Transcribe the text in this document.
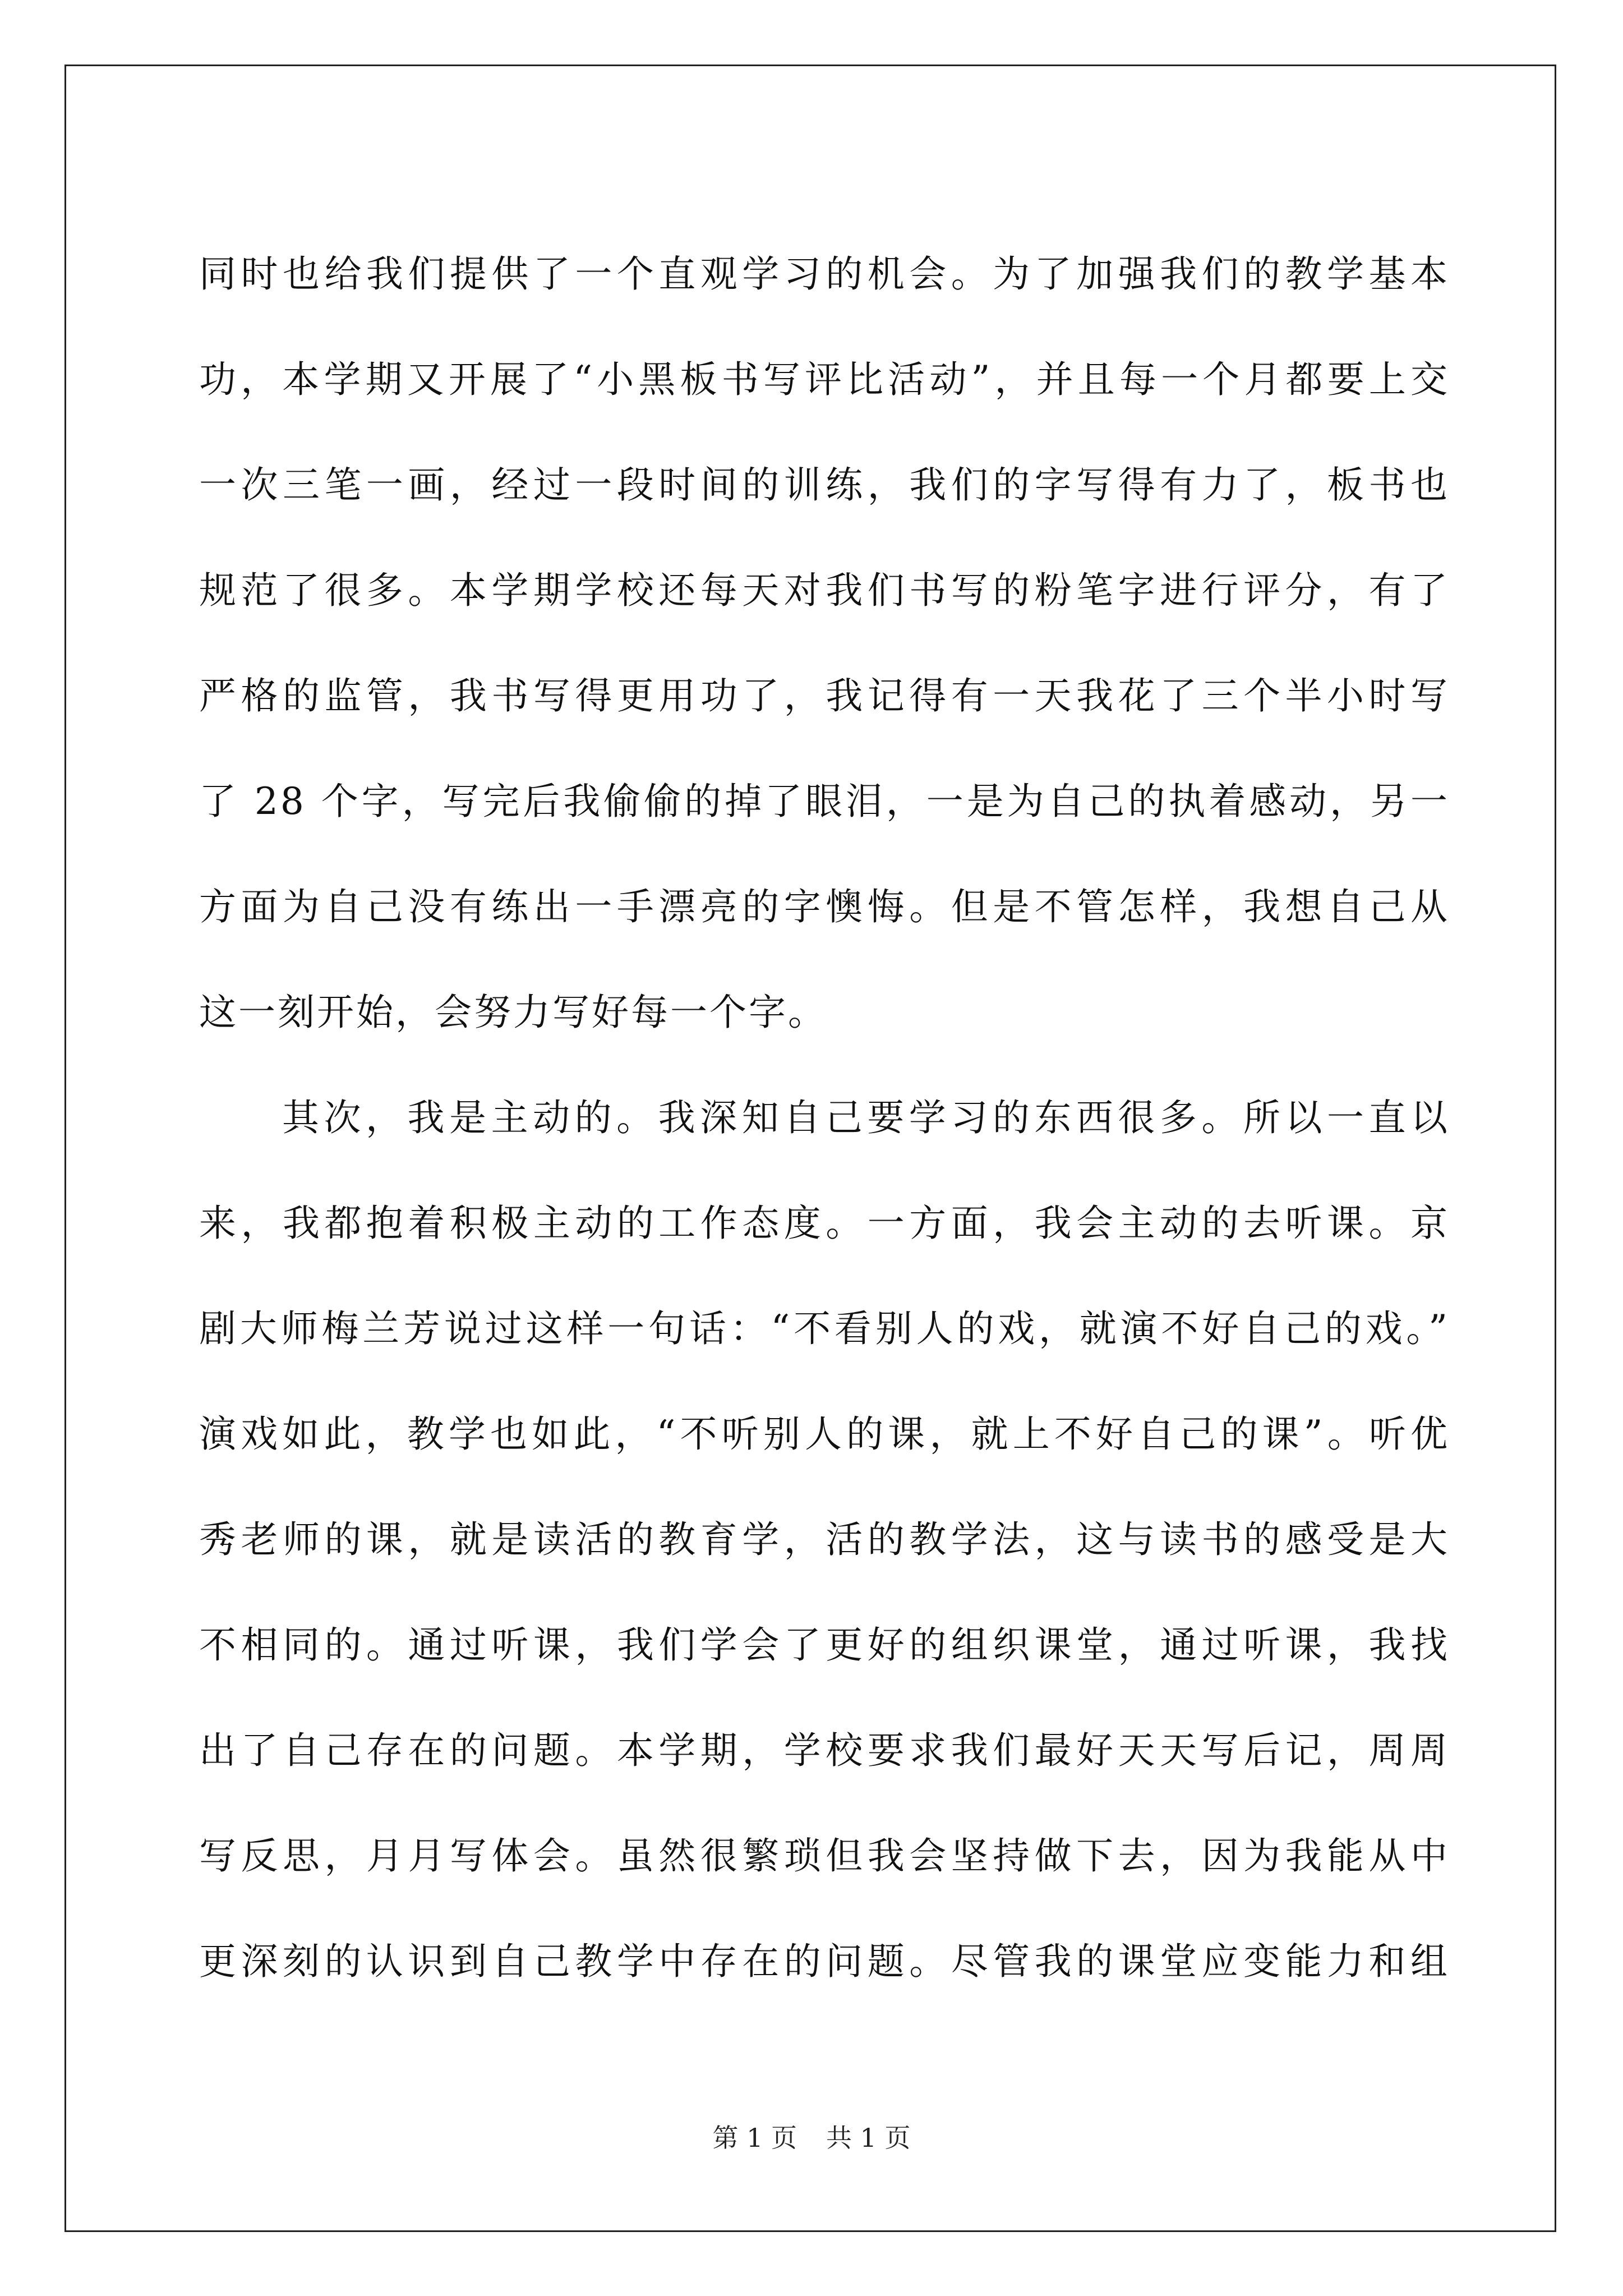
同时也给我们提供了一个直观学习的机会。为了加强我们的教学基本
功，本学期又开展了“小黑板书写评比活动”，并且每一个月都要上交
一次三笔一画，经过一段时间的训练，我们的字写得有力了，板书也
规范了很多。本学期学校还每天对我们书写的粉笔字进行评分，有了
严格的监管，我书写得更用功了，我记得有一天我花了三个半小时写
了 28 个字，写完后我偷偷的掉了眼泪，一是为自己的执着感动，另一
方面为自己没有练出一手漂亮的字懊悔。但是不管怎样，我想自己从
这一刻开始，会努力写好每一个字。
其次，我是主动的。我深知自己要学习的东西很多。所以一直以
来，我都抱着积极主动的工作态度。一方面，我会主动的去听课。京
剧大师梅兰芳说过这样一句话：“不看别人的戏，就演不好自己的戏。”
演戏如此，教学也如此，“不听别人的课，就上不好自己的课”。听优
秀老师的课，就是读活的教育学，活的教学法，这与读书的感受是大
不相同的。通过听课，我们学会了更好的组织课堂，通过听课，我找
出了自己存在的问题。本学期，学校要求我们最好天天写后记，周周
写反思，月月写体会。虽然很繁琐但我会坚持做下去，因为我能从中
更深刻的认识到自己教学中存在的问题。尽管我的课堂应变能力和组
第 1 页 共 1 页
